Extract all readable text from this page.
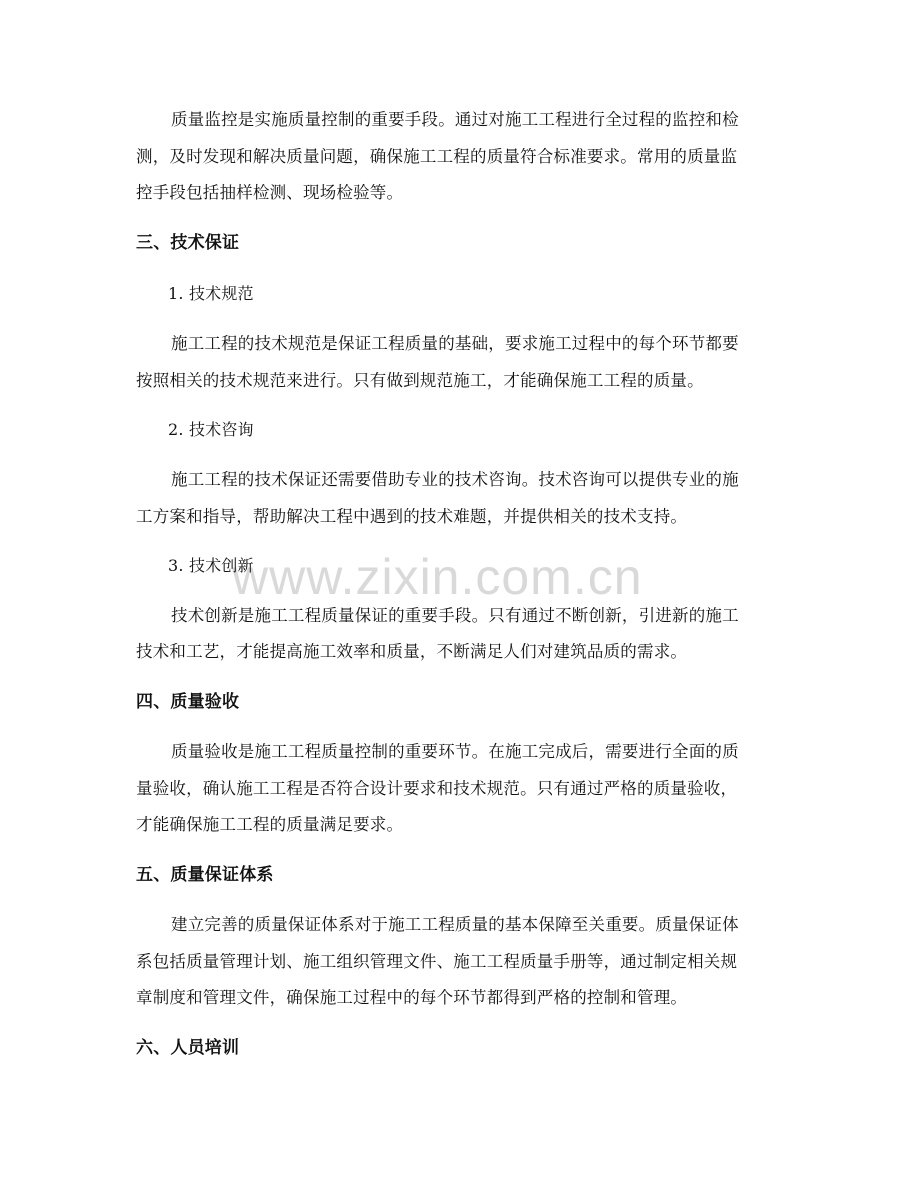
www.zixin.com.cn
质量监控是实施质量控制的重要手段。通过对施工工程进行全过程的监控和检
测，及时发现和解决质量问题，确保施工工程的质量符合标准要求。常用的质量监
控手段包括抽样检测、现场检验等。
三、技术保证
1. 技术规范
施工工程的技术规范是保证工程质量的基础，要求施工过程中的每个环节都要
按照相关的技术规范来进行。只有做到规范施工，才能确保施工工程的质量。
2. 技术咨询
施工工程的技术保证还需要借助专业的技术咨询。技术咨询可以提供专业的施
工方案和指导，帮助解决工程中遇到的技术难题，并提供相关的技术支持。
3. 技术创新
技术创新是施工工程质量保证的重要手段。只有通过不断创新，引进新的施工
技术和工艺，才能提高施工效率和质量，不断满足人们对建筑品质的需求。
四、质量验收
质量验收是施工工程质量控制的重要环节。在施工完成后，需要进行全面的质
量验收，确认施工工程是否符合设计要求和技术规范。只有通过严格的质量验收，
才能确保施工工程的质量满足要求。
五、质量保证体系
建立完善的质量保证体系对于施工工程质量的基本保障至关重要。质量保证体
系包括质量管理计划、施工组织管理文件、施工工程质量手册等，通过制定相关规
章制度和管理文件，确保施工过程中的每个环节都得到严格的控制和管理。
六、人员培训
